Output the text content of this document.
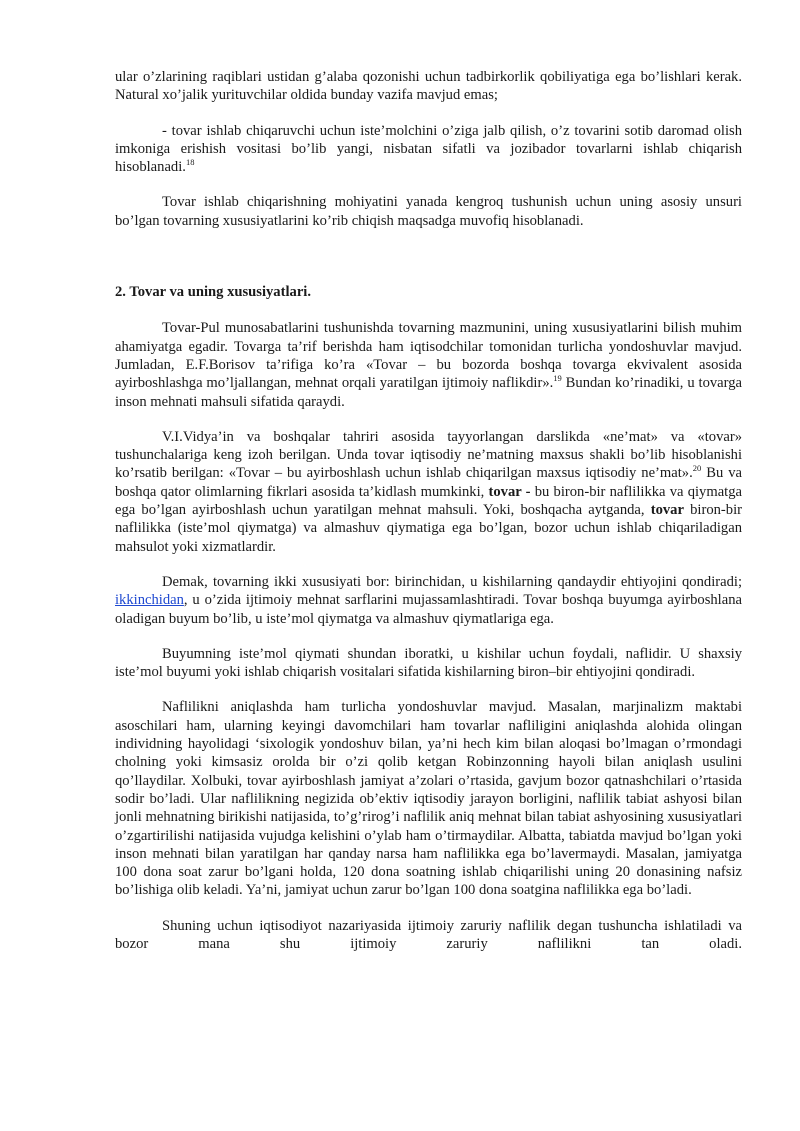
ular o’zlarining raqiblari ustidan g’alaba qozonishi uchun tadbirkorlik qobiliyatiga ega bo’lishlari kerak. Natural xo’jalik yurituvchilar oldida bunday vazifa mavjud emas;

- tovar ishlab chiqaruvchi uchun iste’molchini o’ziga jalb qilish, o’z tovarini sotib daromad olish imkoniga erishish vositasi bo’lib yangi, nisbatan sifatli va jozibador tovarlarni ishlab chiqarish hisoblanadi.$^{18}$

Tovar ishlab chiqarishning mohiyatini yanada kengroq tushunish uchun uning asosiy unsuri bo’lgan tovarning xususiyatlarini ko’rib chiqish maqsadga muvofiq hisoblanadi.

2. Tovar va uning xususiyatlari.

Tovar-Pul munosabatlarini tushunishda tovarning mazmunini, uning xususiyatlarini bilish muhim ahamiyatga egadir. Tovarga ta’rif berishda ham iqtisodchilar tomonidan turlicha yondoshuvlar mavjud. Jumladan, E.F.Borisov ta’rifiga ko’ra «Tovar – bu bozorda boshqa tovarga ekvivalent asosida ayirboshlashga mo’ljallangan, mehnat orqali yaratilgan ijtimoiy naflikdir».$^{19}$ Bundan ko’rinadiki, u tovarga inson mehnati mahsuli sifatida qaraydi.

V.I.Vidya’in va boshqalar tahriri asosida tayyorlangan darslikda «ne’mat» va «tovar» tushunchalariga keng izoh berilgan. Unda tovar iqtisodiy ne’matning maxsus shakli bo’lib hisoblanishi ko’rsatib berilgan: «Tovar – bu ayirboshlash uchun ishlab chiqarilgan maxsus iqtisodiy ne’mat».$^{20}$ Bu va boshqa qator olimlarning fikrlari asosida ta’kidlash mumkinki, tovar - bu biron-bir naflilikka va qiymatga ega bo’lgan ayirboshlash uchun yaratilgan mehnat mahsuli. Yoki, boshqacha aytganda, tovar biron-bir naflilikka (iste’mol qiymatga) va almashuv qiymatiga ega bo’lgan, bozor uchun ishlab chiqariladigan mahsulot yoki xizmatlardir.

Demak, tovarning ikki xususiyati bor: birinchidan, u kishilarning qandaydir ehtiyojini qondiradi; ikkinchidan, u o’zida ijtimoiy mehnat sarflarini mujassamlashtiradi. Tovar boshqa buyumga ayirboshlana oladigan buyum bo’lib, u iste’mol qiymatga va almashuv qiymatlariga ega.

Buyumning iste’mol qiymati shundan iboratki, u kishilar uchun foydali, naflidir. U shaxsiy iste’mol buyumi yoki ishlab chiqarish vositalari sifatida kishilarning biron–bir ehtiyojini qondiradi.

Naflilikni aniqlashda ham turlicha yondoshuvlar mavjud. Masalan, marjinalizm maktabi asoschilari ham, ularning keyingi davomchilari ham tovarlar nafliligini aniqlashda alohida olingan individning hayolidagi ‘sixologik yondoshuv bilan, ya’ni hech kim bilan aloqasi bo’lmagan o’rmondagi cholning yoki kimsasiz orolda bir o’zi qolib ketgan Robinzonning hayoli bilan aniqlash usulini qo’llaydilar. Xolbuki, tovar ayirboshlash jamiyat a’zolari o’rtasida, gavjum bozor qatnashchilari o’rtasida sodir bo’ladi. Ular naflilikning negizida ob’ektiv iqtisodiy jarayon borligini, naflilik tabiat ashyosi bilan jonli mehnatning birikishi natijasida, to’g’rirog’i naflilik aniq mehnat bilan tabiat ashyosining xususiyatlari o’zgartirilishi natijasida vujudga kelishini o’ylab ham o’tirmaydilar. Albatta, tabiatda mavjud bo’lgan yoki inson mehnati bilan yaratilgan har qanday narsa ham naflilikka ega bo’lavermaydi. Masalan, jamiyatga 100 dona soat zarur bo’lgani holda, 120 dona soatning ishlab chiqarilishi uning 20 donasining nafsiz bo’lishiga olib keladi. Ya’ni, jamiyat uchun zarur bo’lgan 100 dona soatgina naflilikka ega bo’ladi.

Shuning uchun iqtisodiyot nazariyasida ijtimoiy zaruriy naflilik degan tushuncha ishlatiladi va bozor mana shu ijtimoiy zaruriy naflilikni tan oladi.
